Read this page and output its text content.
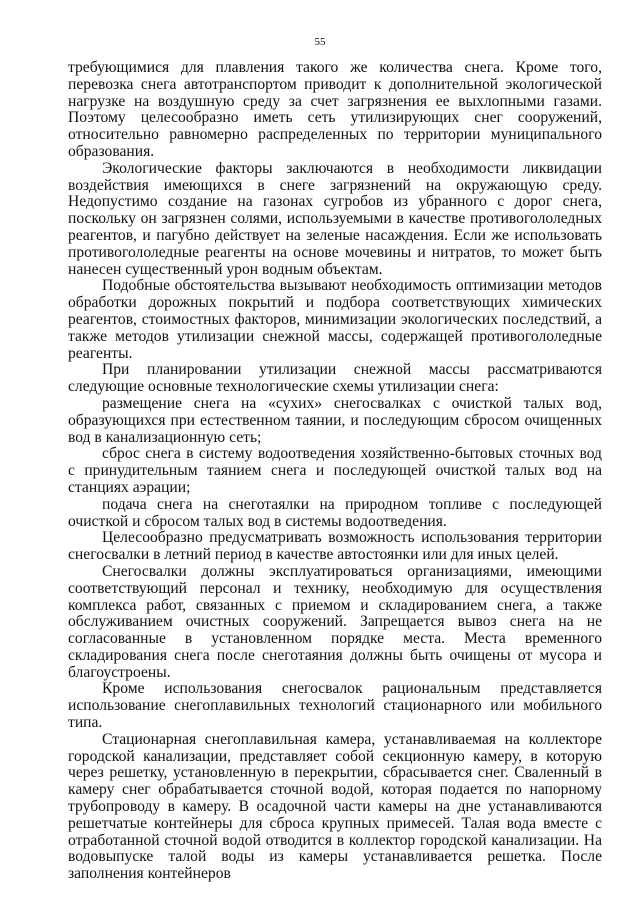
55

требующимися для плавления такого же количества снега. Кроме того, перевозка снега автотранспортом приводит к дополнительной экологической нагрузке на воздушную среду за счет загрязнения ее выхлопными газами. Поэтому целесообразно иметь сеть утилизирующих снег сооружений, относительно равномерно распределенных по территории муниципального образования.

Экологические факторы заключаются в необходимости ликвидации воздействия имеющихся в снеге загрязнений на окружающую среду. Недопустимо создание на газонах сугробов из убранного с дорог снега, поскольку он загрязнен солями, используемыми в качестве противогололедных реагентов, и пагубно действует на зеленые насаждения. Если же использовать противогололедные реагенты на основе мочевины и нитратов, то может быть нанесен существенный урон водным объектам.

Подобные обстоятельства вызывают необходимость оптимизации методов обработки дорожных покрытий и подбора соответствующих химических реагентов, стоимостных факторов, минимизации экологических последствий, а также методов утилизации снежной массы, содержащей противогололедные реагенты.

При планировании утилизации снежной массы рассматриваются следующие основные технологические схемы утилизации снега:

размещение снега на «сухих» снегосвалках с очисткой талых вод, образующихся при естественном таянии, и последующим сбросом очищенных вод в канализационную сеть;

сброс снега в систему водоотведения хозяйственно-бытовых сточных вод с принудительным таянием снега и последующей очисткой талых вод на станциях аэрации;

подача снега на снеготаялки на природном топливе с последующей очисткой и сбросом талых вод в системы водоотведения.

Целесообразно предусматривать возможность использования территории снегосвалки в летний период в качестве автостоянки или для иных целей.

Снегосвалки должны эксплуатироваться организациями, имеющими соответствующий персонал и технику, необходимую для осуществления комплекса работ, связанных с приемом и складированием снега, а также обслуживанием очистных сооружений. Запрещается вывоз снега на не согласованные в установленном порядке места. Места временного складирования снега после снеготаяния должны быть очищены от мусора и благоустроены.

Кроме использования снегосвалок рациональным представляется использование снегоплавильных технологий стационарного или мобильного типа.

Стационарная снегоплавильная камера, устанавливаемая на коллекторе городской канализации, представляет собой секционную камеру, в которую через решетку, установленную в перекрытии, сбрасывается снег. Сваленный в камеру снег обрабатывается сточной водой, которая подается по напорному трубопроводу в камеру. В осадочной части камеры на дне устанавливаются решетчатые контейнеры для сброса крупных примесей. Талая вода вместе с отработанной сточной водой отводится в коллектор городской канализации. На водовыпуске талой воды из камеры устанавливается решетка. После заполнения контейнеров
